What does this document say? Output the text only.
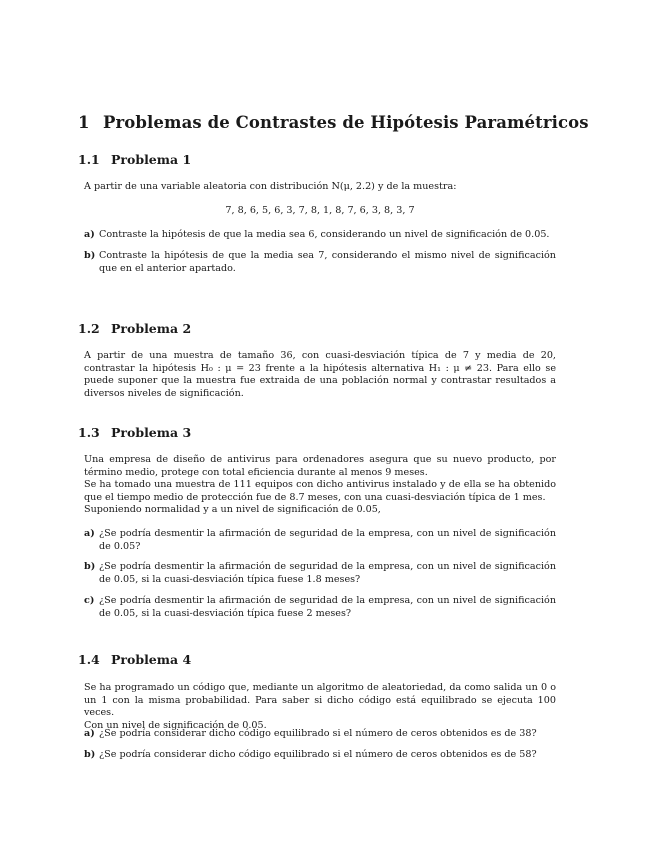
1 Problemas de Contrastes de Hipótesis Paramétricos
1.1 Problema 1
A partir de una variable aleatoria con distribución N(μ, 2.2) y de la muestra:
7, 8, 6, 5, 6, 3, 7, 8, 1, 8, 7, 6, 3, 8, 3, 7
a) Contraste la hipótesis de que la media sea 6, considerando un nivel de significación de 0.05.
b) Contraste la hipótesis de que la media sea 7, considerando el mismo nivel de significación que en el anterior apartado.
1.2 Problema 2
A partir de una muestra de tamaño 36, con cuasi-desviación típica de 7 y media de 20, contrastar la hipótesis H₀ : μ = 23 frente a la hipótesis alternativa H₁ : μ ≠ 23. Para ello se puede suponer que la muestra fue extraida de una población normal y contrastar resultados a diversos niveles de significación.
1.3 Problema 3
Una empresa de diseño de antivirus para ordenadores asegura que su nuevo producto, por término medio, protege con total eficiencia durante al menos 9 meses.
Se ha tomado una muestra de 111 equipos con dicho antivirus instalado y de ella se ha obtenido que el tiempo medio de protección fue de 8.7 meses, con una cuasi-desviación típica de 1 mes.
Suponiendo normalidad y a un nivel de significación de 0.05,
a) ¿Se podría desmentir la afirmación de seguridad de la empresa, con un nivel de significación de 0.05?
b) ¿Se podría desmentir la afirmación de seguridad de la empresa, con un nivel de significación de 0.05, si la cuasi-desviación típica fuese 1.8 meses?
c) ¿Se podría desmentir la afirmación de seguridad de la empresa, con un nivel de significación de 0.05, si la cuasi-desviación típica fuese 2 meses?
1.4 Problema 4
Se ha programado un código que, mediante un algoritmo de aleatoriedad, da como salida un 0 o un 1 con la misma probabilidad. Para saber si dicho código está equilibrado se ejecuta 100 veces.
Con un nivel de significación de 0.05.
a) ¿Se podría considerar dicho código equilibrado si el número de ceros obtenidos es de 38?
b) ¿Se podría considerar dicho código equilibrado si el número de ceros obtenidos es de 58?
